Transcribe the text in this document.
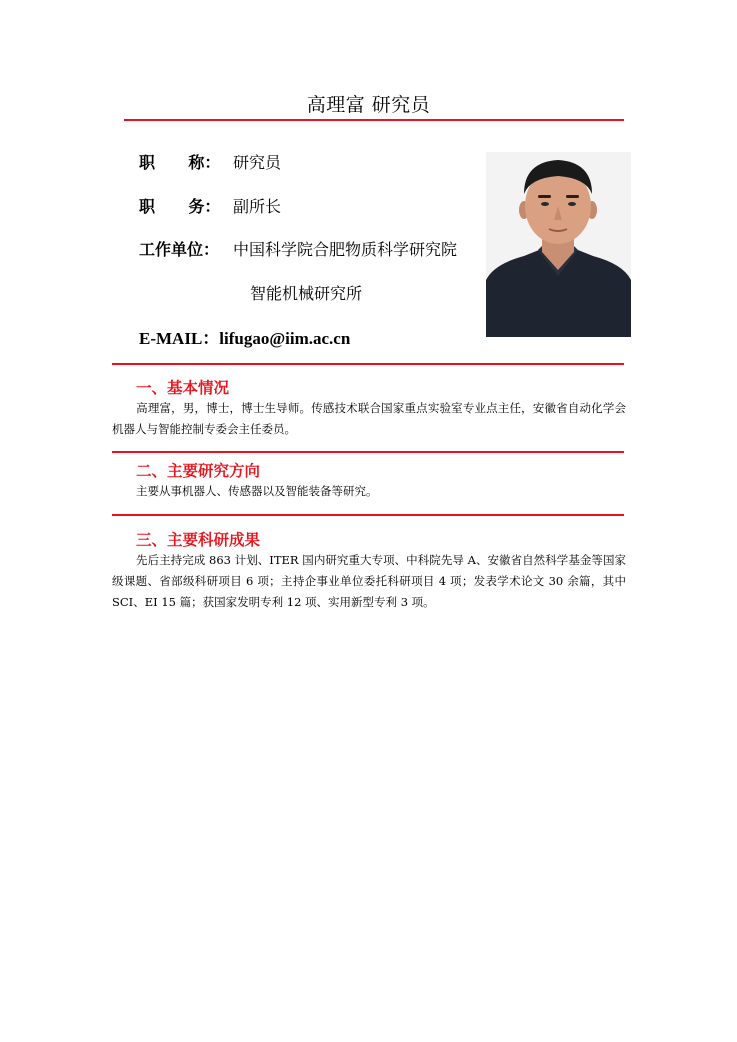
高理富 研究员
职      称： 研究员
职      务： 副所长
工作单位： 中国科学院合肥物质科学研究院
智能机械研究所
E-MAIL：lifugao@iim.ac.cn
一、基本情况
高理富，男，博士，博士生导师。传感技术联合国家重点实验室专业点主任，安徽省自动化学会机器人与智能控制专委会主任委员。
二、主要研究方向
主要从事机器人、传感器以及智能装备等研究。
三、主要科研成果
先后主持完成 863 计划、ITER 国内研究重大专项、中科院先导 A、安徽省自然科学基金等国家级课题、省部级科研项目 6 项；主持企事业单位委托科研项目 4 项；发表学术论文 30 余篇，其中 SCI、EI 15 篇；获国家发明专利 12 项、实用新型专利 3 项。
